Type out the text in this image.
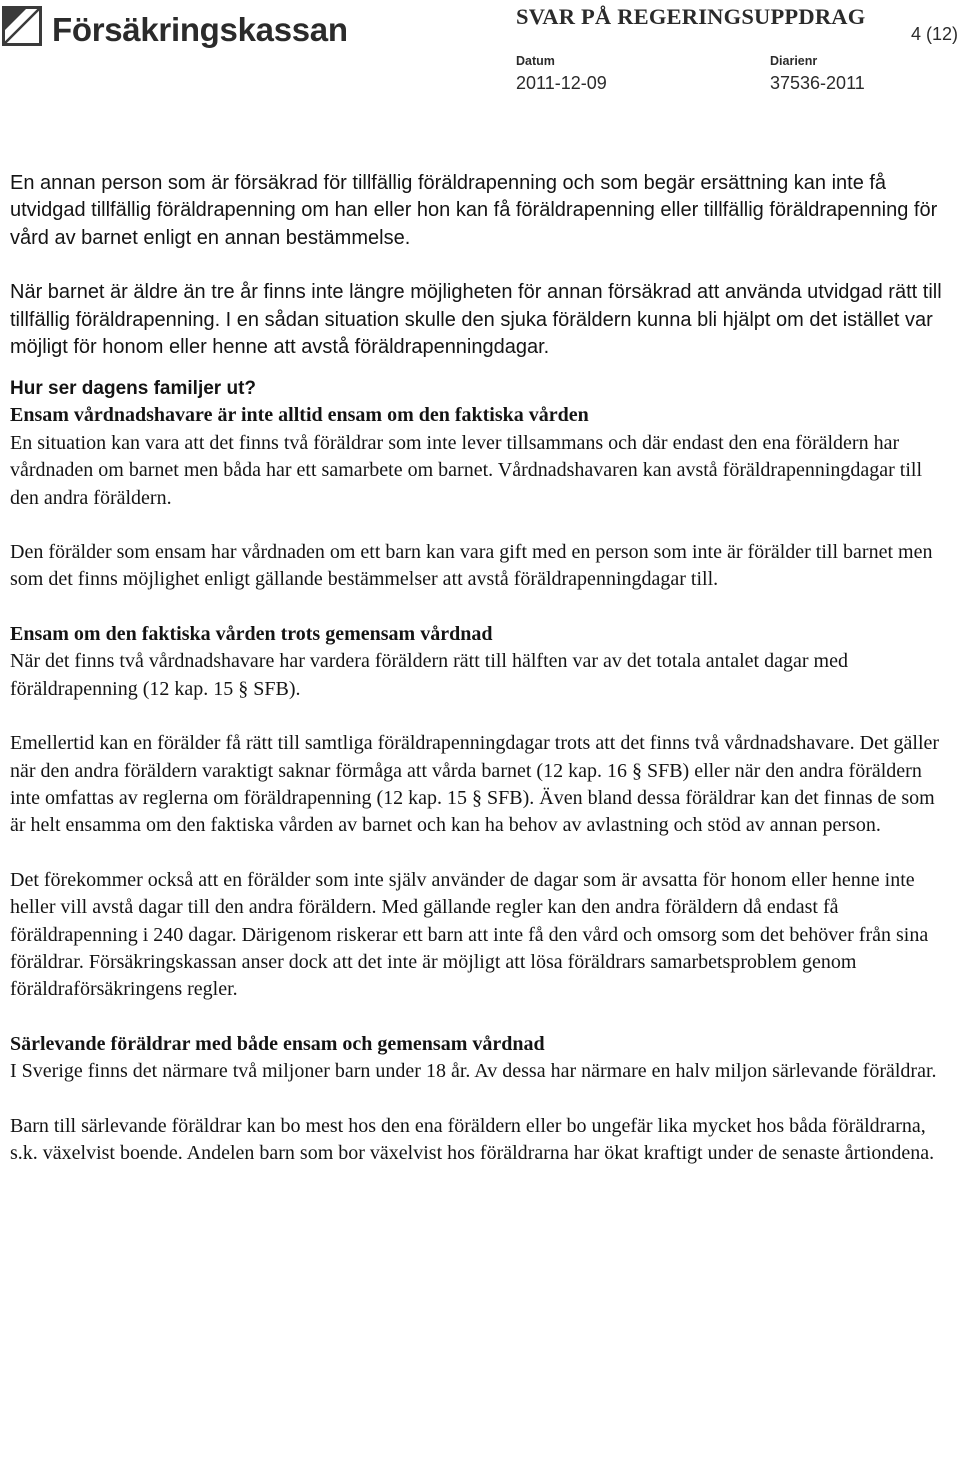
Försäkringskassan	SVAR PÅ REGERINGSUPPDRAG
4 (12)
Datum
2011-12-09
Diarienr
37536-2011

En annan person som är försäkrad för tillfällig föräldrapenning och som begär ersättning kan inte få utvidgad tillfällig föräldrapenning om han eller hon kan få föräldrapenning eller tillfällig föräldrapenning för vård av barnet enligt en annan bestämmelse.

När barnet är äldre än tre år finns inte längre möjligheten för annan försäkrad att använda utvidgad rätt till tillfällig föräldrapenning. I en sådan situation skulle den sjuka föräldern kunna bli hjälpt om det istället var möjligt för honom eller henne att avstå föräldrapenningdagar.

Hur ser dagens familjer ut?

Ensam vårdnadshavare är inte alltid ensam om den faktiska vården

En situation kan vara att det finns två föräldrar som inte lever tillsammans och där endast den ena föräldern har vårdnaden om barnet men båda har ett samarbete om barnet. Vårdnadshavaren kan avstå föräldrapenningdagar till den andra föräldern.

Den förälder som ensam har vårdnaden om ett barn kan vara gift med en person som inte är förälder till barnet men som det finns möjlighet enligt gällande bestämmelser att avstå föräldrapenningdagar till.

Ensam om den faktiska vården trots gemensam vårdnad

När det finns två vårdnadshavare har vardera föräldern rätt till hälften var av det totala antalet dagar med föräldrapenning (12 kap. 15 § SFB).

Emellertid kan en förälder få rätt till samtliga föräldrapenningdagar trots att det finns två vårdnadshavare. Det gäller när den andra föräldern varaktigt saknar förmåga att vårda barnet (12 kap. 16 § SFB) eller när den andra föräldern inte omfattas av reglerna om föräldrapenning (12 kap. 15 § SFB). Även bland dessa föräldrar kan det finnas de som är helt ensamma om den faktiska vården av barnet och kan ha behov av avlastning och stöd av annan person.

Det förekommer också att en förälder som inte själv använder de dagar som är avsatta för honom eller henne inte heller vill avstå dagar till den andra föräldern. Med gällande regler kan den andra föräldern då endast få föräldrapenning i 240 dagar. Därigenom riskerar ett barn att inte få den vård och omsorg som det behöver från sina föräldrar. Försäkringskassan anser dock att det inte är möjligt att lösa föräldrars samarbetsproblem genom föräldraförsäkringens regler.

Särlevande föräldrar med både ensam och gemensam vårdnad

I Sverige finns det närmare två miljoner barn under 18 år. Av dessa har närmare en halv miljon särlevande föräldrar.

Barn till särlevande föräldrar kan bo mest hos den ena föräldern eller bo ungefär lika mycket hos båda föräldrarna, s.k. växelvist boende. Andelen barn som bor växelvist hos föräldrarna har ökat kraftigt under de senaste årtiondena.
